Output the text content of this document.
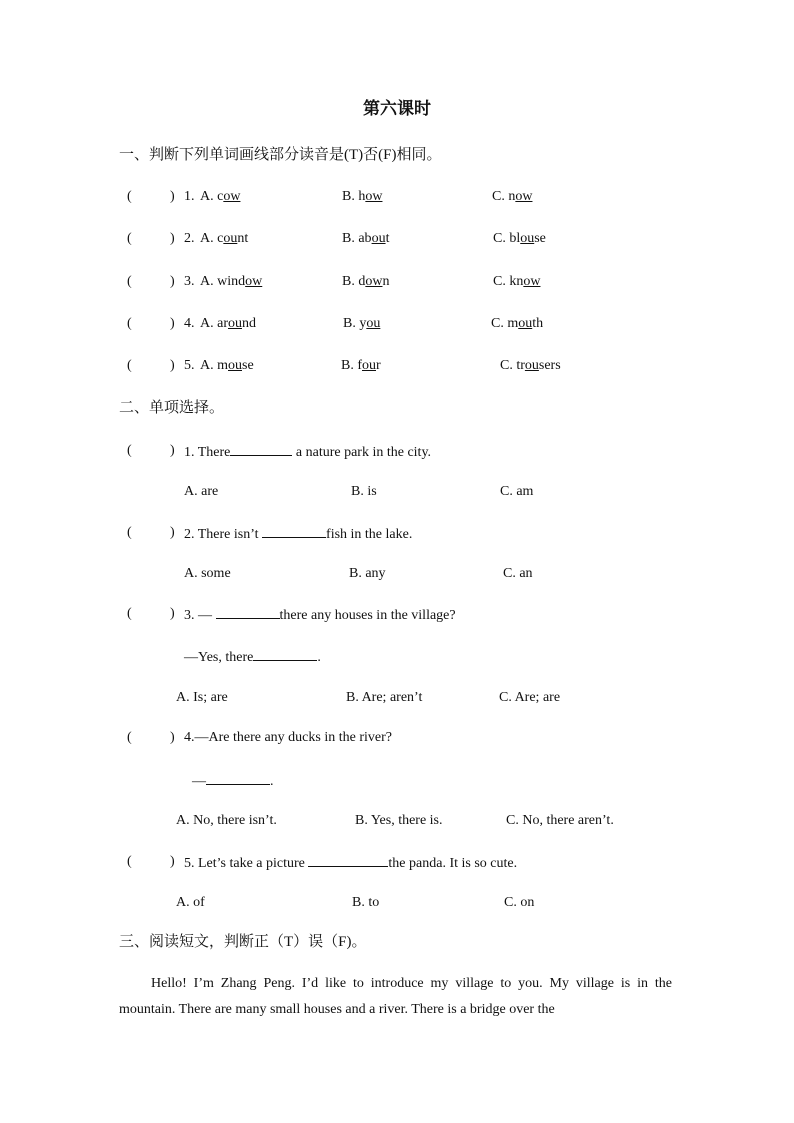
第六课时
一、判断下列单词画线部分读音是(T)否(F)相同。
(	) 1. A. cow	B. how	C. now
(	) 2. A. count	B. about	C. blouse
(	) 3. A. window	B. down	C. know
(	) 4. A. around	B. you	C. mouth
(	) 5. A. mouse	B. four	C. trousers
二、单项选择。
(	) 1. There	a nature park in the city.
A. are	B. is	C. am
(	) 2. There isn’t	fish in the lake.
A. some	B. any	C. an
(	) 3. —	there any houses in the village?
—Yes, there	.
A. Is; are	B. Are; aren’t	C. Are; are
(	) 4.—Are there any ducks in the river?
—	.
A. No, there isn’t.	B. Yes, there is.	C. No, there aren’t.
(	) 5. Let’s take a picture	the panda. It is so cute.
A. of	B. to	C. on
三、阅读短文，判断正（T）误（F)。
Hello! I’m Zhang Peng. I’d like to introduce my village to you. My village is in the mountain. There are many small houses and a river. There is a bridge over the
